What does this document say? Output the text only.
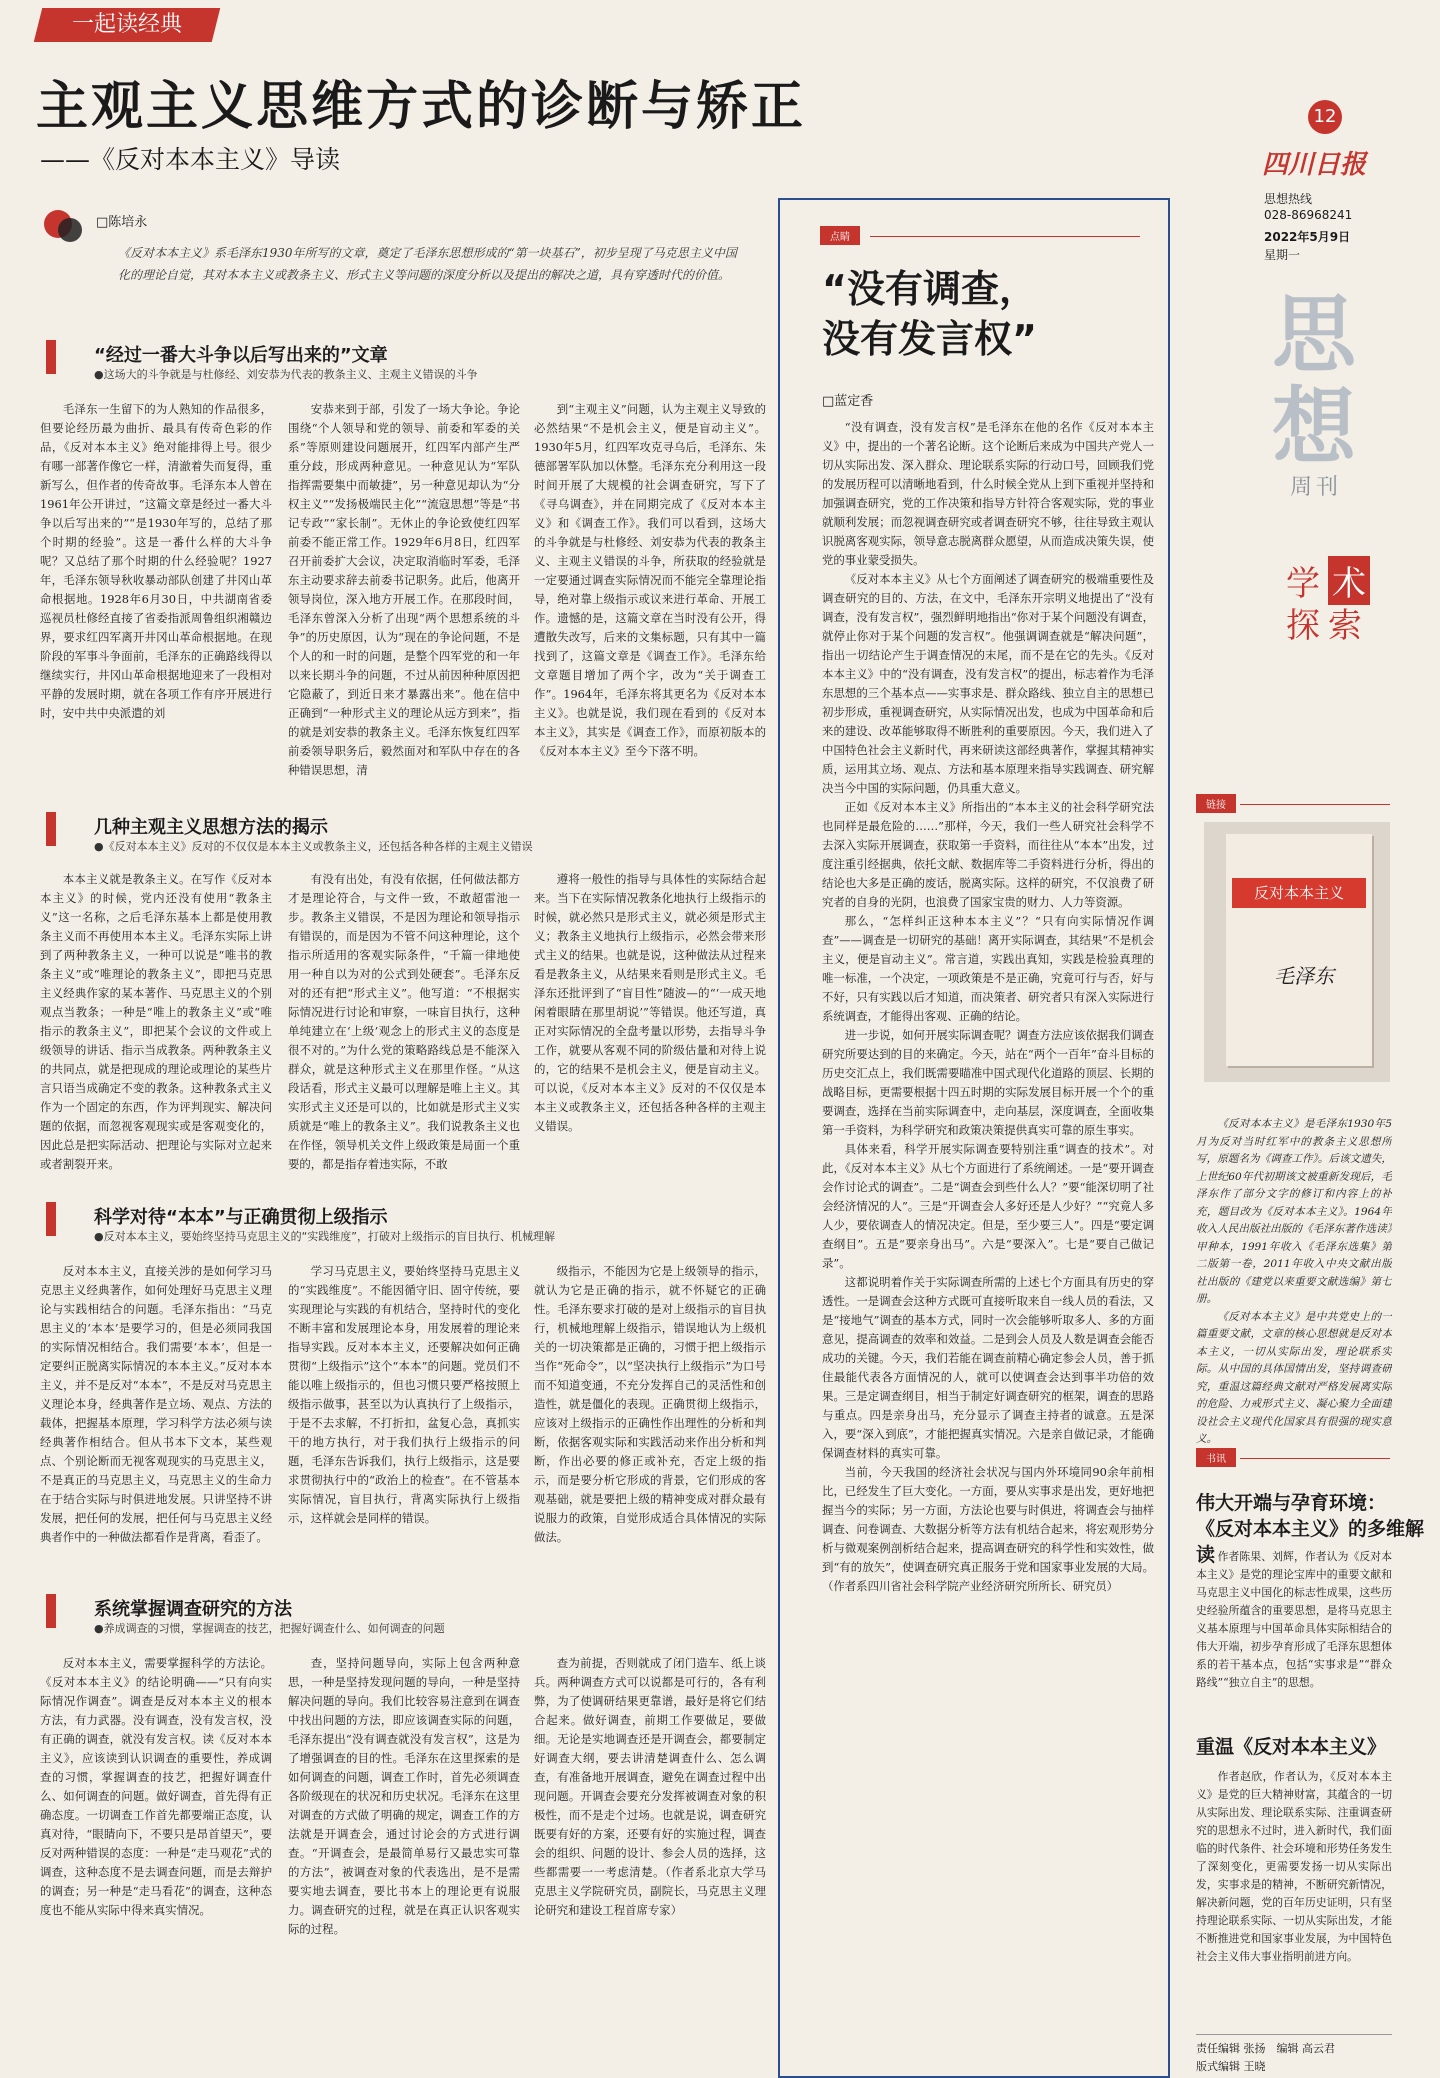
一起读经典
主观主义思维方式的诊断与矫正
——《反对本本主义》导读
□陈培永
《反对本本主义》系毛泽东1930年所写的文章，奠定了毛泽东思想形成的“第一块基石”，初步呈现了马克思主义中国化的理论自觉，其对本本主义或教条主义、形式主义等问题的深度分析以及提出的解决之道，具有穿透时代的价值。
“经过一番大斗争以后写出来的”文章
●这场大的斗争就是与杜修经、刘安恭为代表的教条主义、主观主义错误的斗争

毛泽东一生留下的为人熟知的作品很多，但要论经历最为曲折、最具有传奇色彩的作品，《反对本本主义》绝对能排得上号。很少有哪一部著作像它一样，清澈着失而复得，重新写么，但作者的传奇故事。毛泽东本人曾在1961年公开讲过，“这篇文章是经过一番大斗争以后写出来的”“是1930年写的，总结了那个时期的经验”。这是一番什么样的大斗争呢？又总结了那个时期的什么经验呢？1927年，毛泽东领导秋收暴动部队创建了井冈山革命根据地。1928年6月30日，中共湖南省委巡视员杜修经直接了省委指派周鲁组织湘赣边界，要求红四军离开井冈山革命根据地。在现阶段的军事斗争面前，毛泽东的正确路线得以继续实行，井冈山革命根据地迎来了一段相对平静的发展时期，就在各项工作有序开展进行时，安中共中央派遣的刘

安恭来到于部，引发了一场大争论。争论围绕“个人领导和党的领导、前委和军委的关系”等原则建设问题展开，红四军内部产生严重分歧，形成两种意见。一种意见认为“军队指挥需要集中而敏捷”，另一种意见却认为“分权主义”“发扬极端民主化”“流寇思想”等是“书记专政”“家长制”。无休止的争论致使红四军前委不能正常工作。1929年6月8日，红四军召开前委扩大会议，决定取消临时军委，毛泽东主动要求辞去前委书记职务。此后，他离开领导岗位，深入地方开展工作。在那段时间，毛泽东曾深入分析了出现“两个思想系统的斗争”的历史原因，认为“现在的争论问题，不是个人的和一时的问题，是整个四军党的和一年以来长期斗争的问题，不过从前因种种原因把它隐蔽了，到近日来才暴露出来”。他在信中正确到“一种形式主义的理论从远方到来”，指的就是刘安恭的教条主义。毛泽东恢复红四军前委领导职务后，毅然面对和军队中存在的各种错误思想，清

到“主观主义”问题，认为主观主义导致的必然结果“不是机会主义，便是盲动主义”。1930年5月，红四军攻克寻乌后，毛泽东、朱德部署军队加以休整。毛泽东充分利用这一段时间开展了大规模的社会调查研究，写下了《寻乌调查》，并在同期完成了《反对本本主义》和《调查工作》。我们可以看到，这场大的斗争就是与杜修经、刘安恭为代表的教条主义、主观主义错误的斗争，所获取的经验就是一定要通过调查实际情况而不能完全靠理论指导，绝对靠上级指示或议来进行革命、开展工作。遗憾的是，这篇文章在当时没有公开，得遭散失改写，后来的文集标题，只有其中一篇找到了，这篇文章是《调查工作》。毛泽东给文章题目增加了两个字，改为“关于调查工作”。1964年，毛泽东将其更名为《反对本本主义》。也就是说，我们现在看到的《反对本本主义》，其实是《调查工作》，而原初版本的《反对本本主义》至今下落不明。

几种主观主义思想方法的揭示
●《反对本本主义》反对的不仅仅是本本主义或教条主义，还包括各种各样的主观主义错误

本本主义就是教条主义。在写作《反对本本主义》的时候，党内还没有使用“教条主义”这一名称，之后毛泽东基本上都是使用教条主义而不再使用本本主义。毛泽东实际上讲到了两种教条主义，一种可以说是“唯书的教条主义”或“唯理论的教条主义”，即把马克思主义经典作家的某本著作、马克思主义的个别观点当教条；一种是“唯上的教条主义”或“唯指示的教条主义”，即把某个会议的文件或上级领导的讲话、指示当成教条。两种教条主义的共同点，就是把现成的理论或理论的某些片言只语当成确定不变的教条。这种教条式主义作为一个固定的东西，作为评判现实、解决问题的依据，而忽视客观现实或是客观变化的，因此总是把实际活动、把理论与实际对立起来或者割裂开来。

有没有出处，有没有依据，任何做法都方才是理论符合，与文件一致，不敢超雷池一步。教条主义错误，不是因为理论和领导指示有错误的，而是因为不管不问这种理论，这个指示所适用的客观实际条件，“千篇一律地使用一种自以为对的公式到处硬套”。毛泽东反对的还有把“形式主义”。他写道：“不根据实际情况进行讨论和审察，一味盲目执行，这种单纯建立在‘上级’观念上的形式主义的态度是很不对的。”为什么党的策略路线总是不能深入群众，就是这种形式主义在那里作怪。“从这段话看，形式主义最可以理解是唯上主义。其实形式主义还是可以的，比如就是形式主义实质就是“唯上的教条主义”。我们说教条主义也在作怪，领导机关文件上级政策是局面一个重要的，都是指存着违实际，不敢

遵将一般性的指导与具体性的实际结合起来。当下在实际情况教条化地执行上级指示的时候，就必然只是形式主义，就必须是形式主义；教条主义地执行上级指示，必然会带来形式主义的结果。也就是说，这种做法从过程来看是教条主义，从结果来看则是形式主义。毛泽东还批评到了“盲目性”随波—的“‘一成天地闲着眼睛在那里胡说’”等错误。他还写道，真正对实际情况的全盘考量以形势，去指导斗争工作，就要从客观不同的阶级估量和对待上说的，它的结果不是机会主义，便是盲动主义。可以说，《反对本本主义》反对的不仅仅是本本主义或教条主义，还包括各种各样的主观主义错误。

科学对待“本本”与正确贯彻上级指示
●反对本本主义，要始终坚持马克思主义的“实践维度”，打破对上级指示的盲目执行、机械理解

反对本本主义，直接关涉的是如何学习马克思主义经典著作，如何处理好马克思主义理论与实践相结合的问题。毛泽东指出：“马克思主义的‘本本’是要学习的，但是必须同我国的实际情况相结合。我们需要‘本本’，但是一定要纠正脱离实际情况的本本主义。”反对本本主义，并不是反对“本本”，不是反对马克思主义理论本身，经典著作是立场、观点、方法的载体，把握基本原理，学习科学方法必须与读经典著作相结合。但从书本下文本，某些观点、个别论断而无视客观现实的马克思主义，不是真正的马克思主义，马克思主义的生命力在于结合实际与时俱进地发展。只讲坚持不讲发展，把任何的发展，把任何与马克思主义经典者作中的一种做法都看作是背离，看歪了。

学习马克思主义，要始终坚持马克思主义的“实践维度”。不能因循守旧、固守传统，要实现理论与实践的有机结合，坚持时代的变化不断丰富和发展理论本身，用发展着的理论来指导实践。反对本本主义，还要解决如何正确贯彻“上级指示”这个“本本”的问题。党员们不能以唯上级指示的，但也习惯只要严格按照上级指示做事，甚至以为认真执行了上级指示，于是不去求解，不打折扣，盆复心急，真抓实干的地方执行，对于我们执行上级指示的问题，毛泽东告诉我们，执行上级指示，这是要求贯彻执行中的“政治上的检查”。在不管基本实际情况，盲目执行，背离实际执行上级指示，这样就会是同样的错误。

级指示，不能因为它是上级领导的指示，就认为它是正确的指示，就不怀疑它的正确性。毛泽东要求打破的是对上级指示的盲目执行，机械地理解上级指示，错误地认为上级机关的一切决策都是正确的，习惯于把上级指示当作“死命令”，以“坚决执行上级指示”为口号而不知道变通，不充分发挥自己的灵活性和创造性，就是僵化的表现。正确贯彻上级指示，应该对上级指示的正确性作出理性的分析和判断，依据客观实际和实践活动来作出分析和判断，作出必要的修正或补充，否定上级的指示，而是要分析它形成的背景，它们形成的客观基础，就是要把上级的精神变成对群众最有说服力的政策，自觉形成适合具体情况的实际做法。

系统掌握调查研究的方法
●养成调查的习惯，掌握调查的技艺，把握好调查什么、如何调查的问题

反对本本主义，需要掌握科学的方法论。《反对本本主义》的结论明确——“只有向实际情况作调查”。调查是反对本本主义的根本方法，有力武器。没有调查，没有发言权，没有正确的调查，就没有发言权。读《反对本本主义》，应该读到认识调查的重要性，养成调查的习惯，掌握调查的技艺，把握好调查什么、如何调查的问题。做好调查，首先得有正确态度。一切调查工作首先都要端正态度，认真对待，“眼睛向下，不要只是昂首望天”，要反对两种错误的态度：一种是“走马观花”式的调查，这种态度不是去调查问题，而是去辩护的调查；另一种是“走马看花”的调查，这种态度也不能从实际中得来真实情况。

查，坚持问题导向，实际上包含两种意思，一种是坚持发现问题的导向，一种是坚持解决问题的导向。我们比较容易注意到在调查中找出问题的方法，即应该调查实际的问题，毛泽东提出“没有调查就没有发言权”，这是为了增强调查的目的性。毛泽东在这里探索的是如何调查的问题，调查工作时，首先必须调查各阶级现在的状况和历史状况。毛泽东在这里对调查的方式做了明确的规定，调查工作的方法就是开调查会，通过讨论会的方式进行调查。“开调查会，是最简单易行又最忠实可靠的方法”，被调查对象的代表选出，是不是需要实地去调查，要比书本上的理论更有说服力。调查研究的过程，就是在真正认识客观实际的过程。

查为前提，否则就成了闭门造车、纸上谈兵。两种调查方式可以说都是可行的，各有利弊，为了使调研结果更靠谱，最好是将它们结合起来。做好调查，前期工作要做足，要做细。无论是实地调查还是开调查会，都要制定好调查大纲，要去讲清楚调查什么、怎么调查，有准备地开展调查，避免在调查过程中出现问题。开调查会要充分发挥被调查对象的积极性，而不是走个过场。也就是说，调查研究既要有好的方案，还要有好的实施过程，调查会的组织、问题的设计、参会人员的选择，这些都需要一一考虑清楚。（作者系北京大学马克思主义学院研究员，副院长，马克思主义理论研究和建设工程首席专家）

点睛
“没有调查，
没有发言权”
□蓝定香

“没有调查，没有发言权”是毛泽东在他的名作《反对本本主义》中，提出的一个著名论断。这个论断后来成为中国共产党人一切从实际出发、深入群众、理论联系实际的行动口号，回顾我们党的发展历程可以清晰地看到，什么时候全党从上到下重视并坚持和加强调查研究，党的工作决策和指导方针符合客观实际，党的事业就顺利发展；而忽视调查研究或者调查研究不够，往往导致主观认识脱离客观实际，领导意志脱离群众愿望，从而造成决策失误，使党的事业蒙受损失。

《反对本本主义》从七个方面阐述了调查研究的极端重要性及调查研究的目的、方法，在文中，毛泽东开宗明义地提出了“没有调查，没有发言权”，强烈鲜明地指出“你对于某个问题没有调查，就停止你对于某个问题的发言权”。他强调调查就是“解决问题”，指出一切结论产生于调查情况的末尾，而不是在它的先头。《反对本本主义》中的“没有调查，没有发言权”的提出，标志着作为毛泽东思想的三个基本点——实事求是、群众路线、独立自主的思想已初步形成，重视调查研究，从实际情况出发，也成为中国革命和后来的建设、改革能够取得不断胜利的重要原因。今天，我们进入了中国特色社会主义新时代，再来研读这部经典著作，掌握其精神实质，运用其立场、观点、方法和基本原理来指导实践调查、研究解决当今中国的实际问题，仍具重大意义。

正如《反对本本主义》所指出的“本本主义的社会科学研究法也同样是最危险的……”那样，今天，我们一些人研究社会科学不去深入实际开展调查，获取第一手资料，而往往从“本本”出发，过度注重引经据典，依托文献、数据库等二手资料进行分析，得出的结论也大多是正确的废话，脱离实际。这样的研究，不仅浪费了研究者的自身的光阴，也浪费了国家宝贵的财力、人力等资源。

那么，“怎样纠正这种本本主义”？“只有向实际情况作调查”——调查是一切研究的基础！离开实际调查，其结果“不是机会主义，便是盲动主义”。常言道，实践出真知，实践是检验真理的唯一标准，一个决定，一项政策是不是正确，究竟可行与否，好与不好，只有实践以后才知道，而决策者、研究者只有深入实际进行系统调查，才能得出客观、正确的结论。

进一步说，如何开展实际调查呢？调查方法应该依据我们调查研究所要达到的目的来确定。今天，站在“两个一百年”奋斗目标的历史交汇点上，我们既需要瞄准中国式现代化道路的顶层、长期的战略目标，更需要根据十四五时期的实际发展目标开展一个个的重要调查，选择在当前实际调查中，走向基层，深度调查，全面收集第一手资料，为科学研究和政策决策提供真实可靠的原生事实。

具体来看，科学开展实际调查要特别注重“调查的技术”。对此，《反对本本主义》从七个方面进行了系统阐述。一是“要开调查会作讨论式的调查”。二是“调查会到些什么人？”要“能深切明了社会经济情况的人”。三是“开调查会人多好还是人少好？”“究竟人多人少，要依调查人的情况决定。但是，至少要三人”。四是“要定调查纲目”。五是“要亲身出马”。六是“要深入”。七是“要自己做记录”。

这都说明着作关于实际调查所需的上述七个方面具有历史的穿透性。一是调查会这种方式既可直接听取来自一线人员的看法，又是“接地气”调查的基本方式，同时一次会能够听取多人、多的方面意见，提高调查的效率和效益。二是到会人员及人数是调查会能否成功的关键。今天，我们若能在调查前精心确定参会人员，善于抓住最能代表各方面情况的人，就可以使调查会达到事半功倍的效果。三是定调查纲目，相当于制定好调查研究的框架，调查的思路与重点。四是亲身出马，充分显示了调查主持者的诚意。五是深入，要“深入到底”，才能把握真实情况。六是亲自做记录，才能确保调查材料的真实可靠。

当前，今天我国的经济社会状况与国内外环境同90余年前相比，已经发生了巨大变化。一方面，要从实事求是出发，更好地把握当今的实际；另一方面，方法论也要与时俱进，将调查会与抽样调查、问卷调查、大数据分析等方法有机结合起来，将宏观形势分析与微观案例剖析结合起来，提高调查研究的科学性和实效性，做到“有的放矢”，使调查研究真正服务于党和国家事业发展的大局。（作者系四川省社会科学院产业经济研究所所长、研究员）

12
四川日报
思想热线
028-86968241
2022年5月9日
星期一
思
想
周刊
学 术
探 索
链接
反对本本主义
毛泽东

《反对本本主义》是毛泽东1930年5月为反对当时红军中的教条主义思想所写，原题名为《调查工作》。后该文遗失，上世纪60年代初期该文被重新发现后，毛泽东作了部分文字的修订和内容上的补充，题目改为《反对本本主义》。1964年收入人民出版社出版的《毛泽东著作选读》甲种本，1991年收入《毛泽东选集》第二版第一卷，2011年收入中央文献出版社出版的《建党以来重要文献选编》第七册。

《反对本本主义》是中共党史上的一篇重要文献，文章的核心思想就是反对本本主义，一切从实际出发，理论联系实际。从中国的具体国情出发，坚持调查研究，重温这篇经典文献对严格发展离实际的危险、力戒形式主义、凝心聚力全面建设社会主义现代化国家具有很强的现实意义。

书讯
伟大开端与孕育环境：
《反对本本主义》的多维解读 作者陈果、刘辉，作者认为《反对本本主义》是党的理论宝库中的重要文献和马克思主义中国化的标志性成果，这些历史经验所蕴含的重要思想，是将马克思主义基本原理与中国革命具体实际相结合的伟大开端，初步孕育形成了毛泽东思想体系的若干基本点，包括“实事求是”“群众路线”“独立自主”的思想。

重温《反对本本主义》

作者赵欣，作者认为，《反对本本主义》是党的巨大精神财富，其蕴含的一切从实际出发、理论联系实际、注重调查研究的思想永不过时，进入新时代，我们面临的时代条件、社会环境和形势任务发生了深刻变化，更需要发扬一切从实际出发，实事求是的精神，不断研究新情况，解决新问题，党的百年历史证明，只有坚持理论联系实际、一切从实际出发，才能不断推进党和国家事业发展，为中国特色社会主义伟大事业指明前进方向。

责任编辑 张扬　编辑 高云君
版式编辑 王晓
